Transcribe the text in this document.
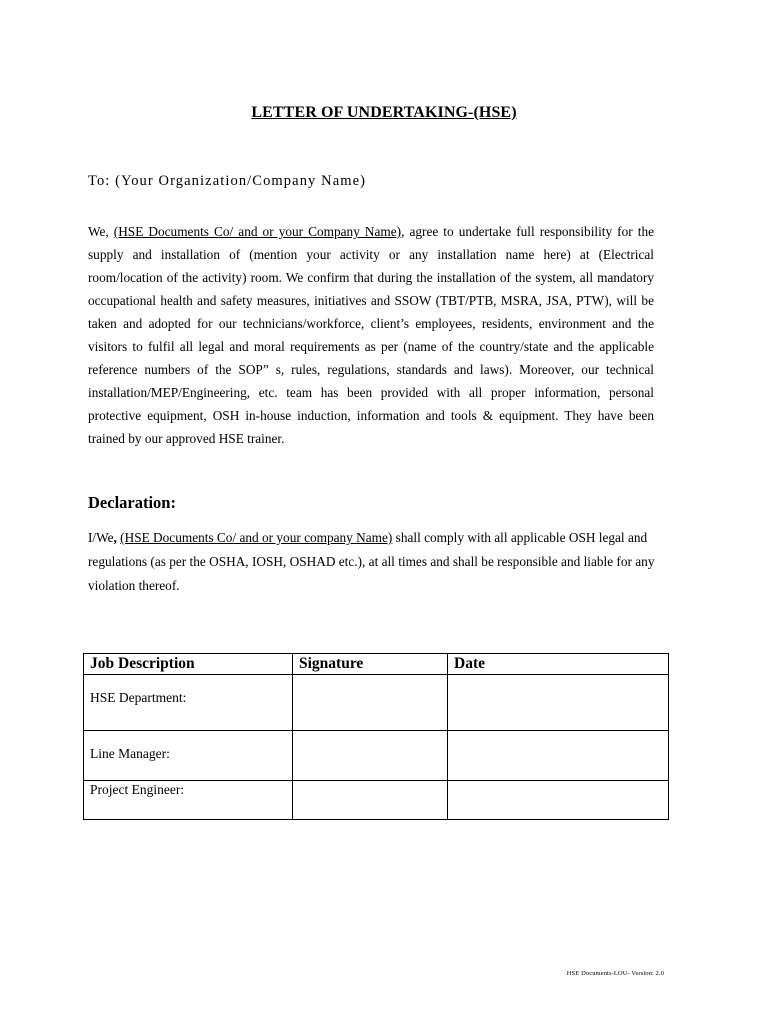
LETTER OF UNDERTAKING-(HSE)
To: (Your Organization/Company Name)
We, (HSE Documents Co/ and or your Company Name), agree to undertake full responsibility for the supply and installation of (mention your activity or any installation name here) at (Electrical room/location of the activity) room. We confirm that during the installation of the system, all mandatory occupational health and safety measures, initiatives and SSOW (TBT/PTB, MSRA, JSA, PTW), will be taken and adopted for our technicians/workforce, client’s employees, residents, environment and the visitors to fulfil all legal and moral requirements as per (name of the country/state and the applicable reference numbers of the SOP” s, rules, regulations, standards and laws). Moreover, our technical installation/MEP/Engineering, etc. team has been provided with all proper information, personal protective equipment, OSH in-house induction, information and tools & equipment. They have been trained by our approved HSE trainer.
Declaration:
I/We, (HSE Documents Co/ and or your company Name) shall comply with all applicable OSH legal and regulations (as per the OSHA, IOSH, OSHAD etc.), at all times and shall be responsible and liable for any violation thereof.
Job Description	Signature	Date

HSE Department:		

Line Manager:		

Project Engineer:		

HSE Documents-LOU- Version: 2.0
